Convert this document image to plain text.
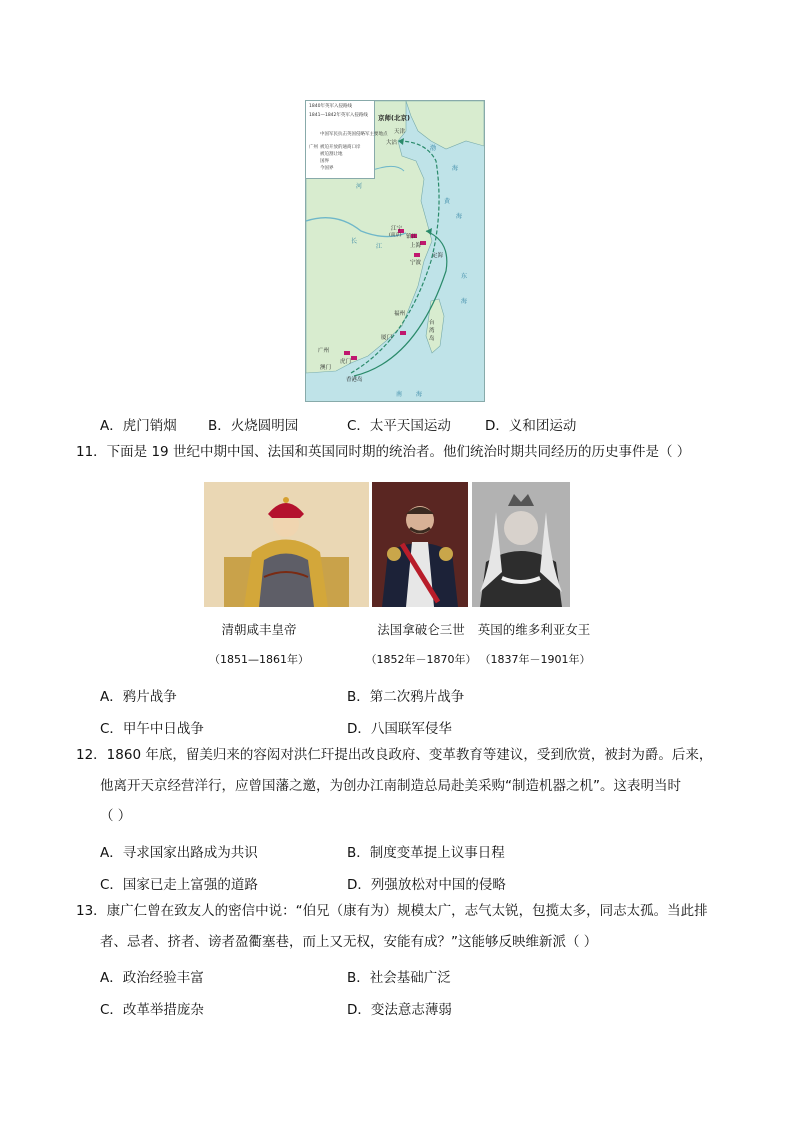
1840年英军入侵路线
1841—1842年英军入侵路线
中国军民抗击英国侵略军主要地点
广州 被迫开放的通商口岸
被迫割让地
国界
今国界
京师(北京)
天津
大沽
江宁
(南京) 镇江
上海
宁波
定海
福州
厦门
台湾岛
广州
虎门
澳门
香港岛
渤
海
黄
海
东
海
南 海
河
长
江
A．虎门销烟 B．火烧圆明园	C．太平天国运动	D．义和团运动
11．下面是 19 世纪中期中国、法国和英国同时期的统治者。他们统治时期共同经历的历史事件是（ ）
清朝咸丰皇帝	法国拿破仑三世	英国的维多利亚女王
（1851—1861年）	（1852年－1870年） （1837年－1901年）
A．鸦片战争	B．第二次鸦片战争
C．甲午中日战争	D．八国联军侵华
12．1860 年底，留美归来的容闳对洪仁玕提出改良政府、变革教育等建议，受到欣赏，被封为爵。后来，
他离开天京经营洋行，应曾国藩之邀，为创办江南制造总局赴美采购“制造机器之机”。这表明当时
（ ）
A．寻求国家出路成为共识	B．制度变革提上议事日程
C．国家已走上富强的道路	D．列强放松对中国的侵略
13．康广仁曾在致友人的密信中说：“伯兄（康有为）规模太广，志气太锐，包揽太多，同志太孤。当此排
者、忌者、挤者、谤者盈衢塞巷，而上又无权，安能有成？”这能够反映维新派（ ）
A．政治经验丰富	B．社会基础广泛
C．改革举措庞杂	D．变法意志薄弱
